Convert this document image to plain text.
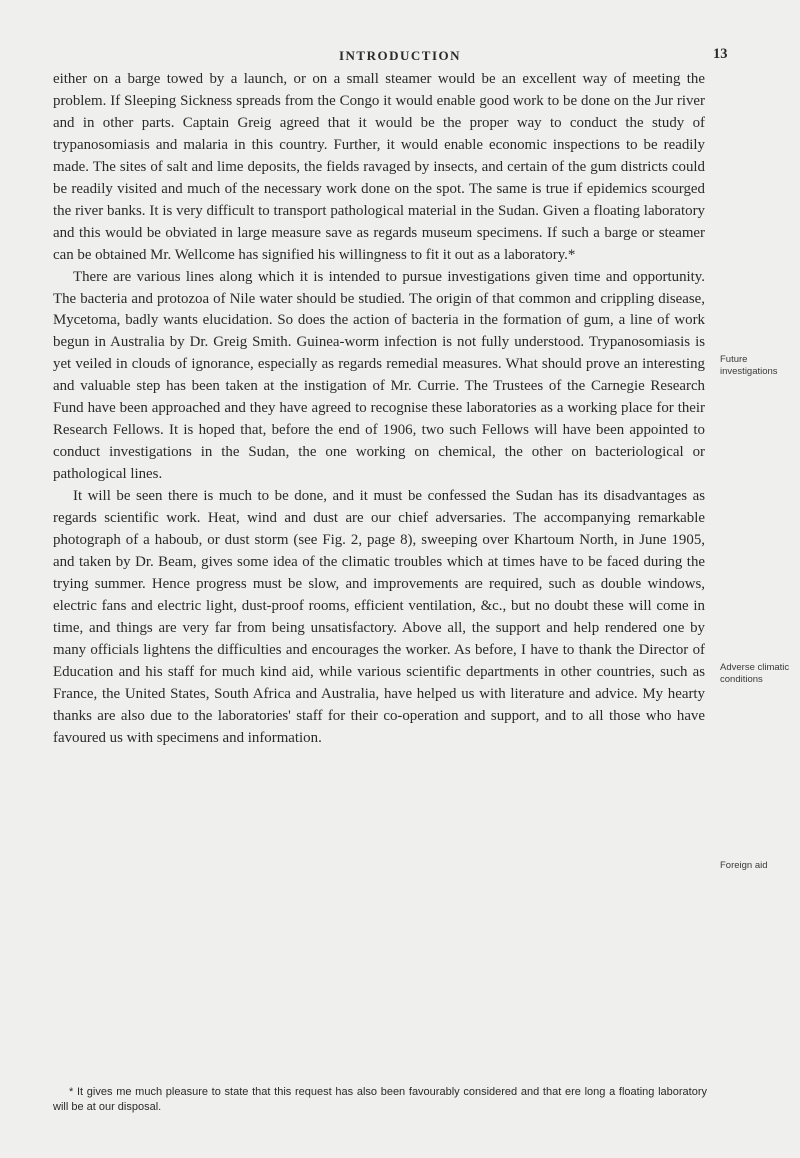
INTRODUCTION	13

either on a barge towed by a launch, or on a small steamer would be an excellent way of meeting the problem. If Sleeping Sickness spreads from the Congo it would enable good work to be done on the Jur river and in other parts. Captain Greig agreed that it would be the proper way to conduct the study of trypanosomiasis and malaria in this country. Further, it would enable economic inspections to be readily made. The sites of salt and lime deposits, the fields ravaged by insects, and certain of the gum districts could be readily visited and much of the necessary work done on the spot. The same is true if epidemics scourged the river banks. It is very difficult to transport pathological material in the Sudan. Given a floating laboratory and this would be obviated in large measure save as regards museum specimens. If such a barge or steamer can be obtained Mr. Wellcome has signified his willingness to fit it out as a laboratory.*

There are various lines along which it is intended to pursue investigations given time and opportunity. The bacteria and protozoa of Nile water should be studied. The origin of that common and crippling disease, Mycetoma, badly wants elucidation. So does the action of bacteria in the formation of gum, a line of work begun in Australia by Dr. Greig Smith. Guinea-worm infection is not fully understood. Trypanosomiasis is yet veiled in clouds of ignorance, especially as regards remedial measures. What should prove an interesting and valuable step has been taken at the instigation of Mr. Currie. The Trustees of the Carnegie Research Fund have been approached and they have agreed to recognise these laboratories as a working place for their Research Fellows. It is hoped that, before the end of 1906, two such Fellows will have been appointed to conduct investigations in the Sudan, the one working on chemical, the other on bacteriological or pathological lines.

It will be seen there is much to be done, and it must be confessed the Sudan has its disadvantages as regards scientific work. Heat, wind and dust are our chief adversaries. The accompanying remarkable photograph of a haboub, or dust storm (see Fig. 2, page 8), sweeping over Khartoum North, in June 1905, and taken by Dr. Beam, gives some idea of the climatic troubles which at times have to be faced during the trying summer. Hence progress must be slow, and improvements are required, such as double windows, electric fans and electric light, dust-proof rooms, efficient ventilation, &c., but no doubt these will come in time, and things are very far from being unsatisfactory. Above all, the support and help rendered one by many officials lightens the difficulties and encourages the worker. As before, I have to thank the Director of Education and his staff for much kind aid, while various scientific departments in other countries, such as France, the United States, South Africa and Australia, have helped us with literature and advice. My hearty thanks are also due to the laboratories' staff for their co-operation and support, and to all those who have favoured us with specimens and information.

Future investigations

Adverse climatic conditions

Foreign aid

* It gives me much pleasure to state that this request has also been favourably considered and that ere long a floating laboratory will be at our disposal.
